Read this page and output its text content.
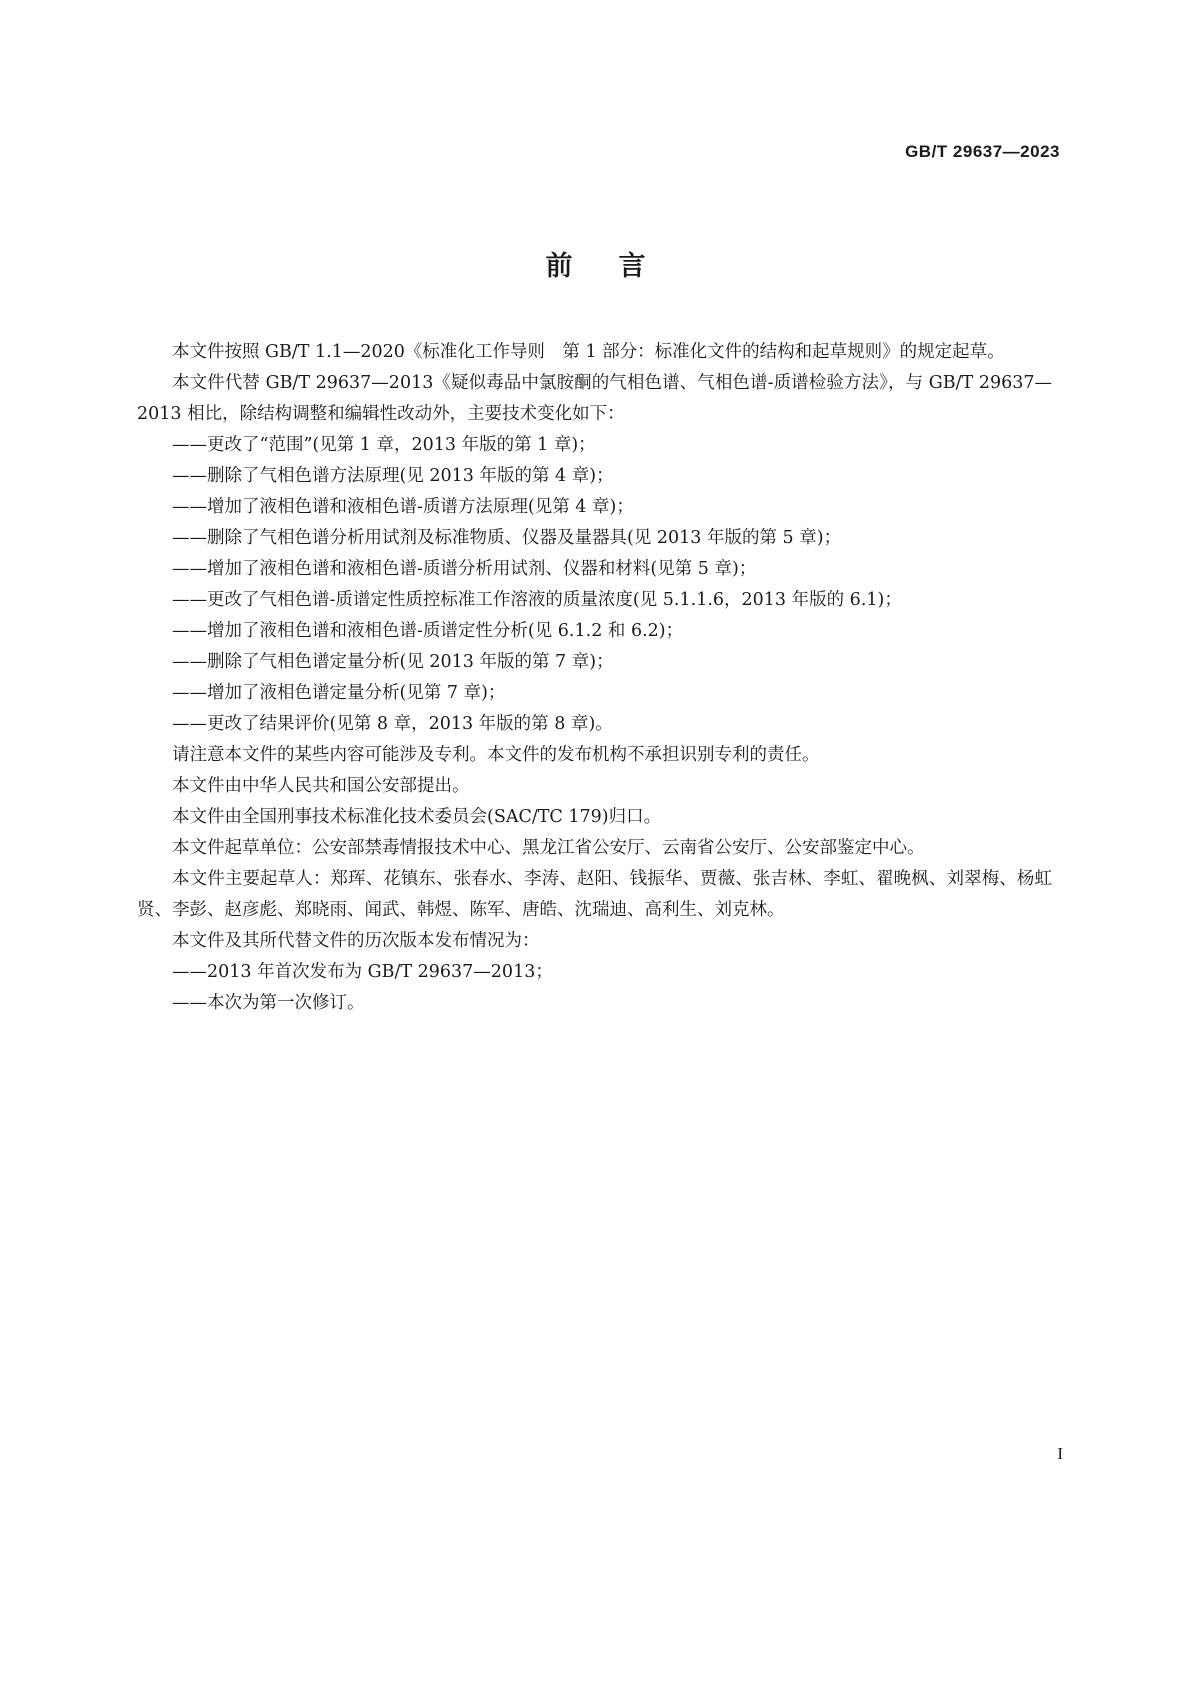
GB/T 29637—2023
前言

本文件按照 GB/T 1.1—2020《标准化工作导则　第 1 部分：标准化文件的结构和起草规则》的规定起草。

本文件代替 GB/T 29637—2013《疑似毒品中氯胺酮的气相色谱、气相色谱-质谱检验方法》，与 GB/T 29637—2013 相比，除结构调整和编辑性改动外，主要技术变化如下：

——更改了“范围”(见第 1 章，2013 年版的第 1 章)；

——删除了气相色谱方法原理(见 2013 年版的第 4 章)；

——增加了液相色谱和液相色谱-质谱方法原理(见第 4 章)；

——删除了气相色谱分析用试剂及标准物质、仪器及量器具(见 2013 年版的第 5 章)；

——增加了液相色谱和液相色谱-质谱分析用试剂、仪器和材料(见第 5 章)；

——更改了气相色谱-质谱定性质控标准工作溶液的质量浓度(见 5.1.1.6，2013 年版的 6.1)；

——增加了液相色谱和液相色谱-质谱定性分析(见 6.1.2 和 6.2)；

——删除了气相色谱定量分析(见 2013 年版的第 7 章)；

——增加了液相色谱定量分析(见第 7 章)；

——更改了结果评价(见第 8 章，2013 年版的第 8 章)。

请注意本文件的某些内容可能涉及专利。本文件的发布机构不承担识别专利的责任。

本文件由中华人民共和国公安部提出。

本文件由全国刑事技术标准化技术委员会(SAC/TC 179)归口。

本文件起草单位：公安部禁毒情报技术中心、黑龙江省公安厅、云南省公安厅、公安部鉴定中心。

本文件主要起草人：郑珲、花镇东、张春水、李涛、赵阳、钱振华、贾薇、张吉林、李虹、翟晚枫、刘翠梅、杨虹贤、李彭、赵彦彪、郑晓雨、闻武、韩煜、陈军、唐皓、沈瑞迪、高利生、刘克林。

本文件及其所代替文件的历次版本发布情况为：

——2013 年首次发布为 GB/T 29637—2013；

——本次为第一次修订。

I
